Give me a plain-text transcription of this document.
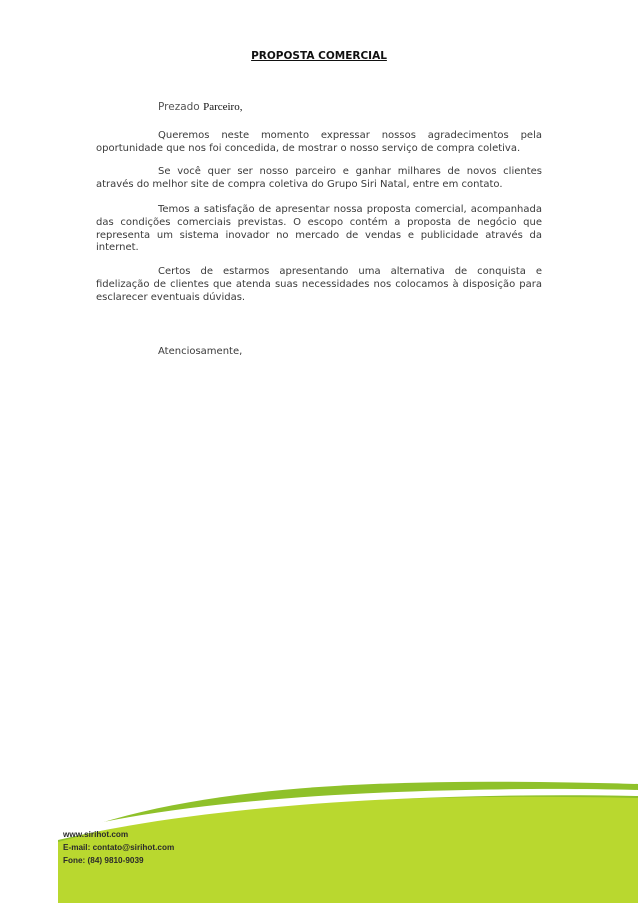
PROPOSTA COMERCIAL
Prezado Parceiro,

Queremos neste momento expressar nossos agradecimentos pela oportunidade que nos foi concedida, de mostrar o nosso serviço de compra coletiva.

Se você quer ser nosso parceiro e ganhar milhares de novos clientes através do melhor site de compra coletiva do Grupo Siri Natal, entre em contato.

Temos a satisfação de apresentar nossa proposta comercial, acompanhada das condições comerciais previstas. O escopo contém a proposta de negócio que representa um sistema inovador no mercado de vendas e publicidade através da internet.

Certos de estarmos apresentando uma alternativa de conquista e fidelização de clientes que atenda suas necessidades nos colocamos à disposição para esclarecer eventuais dúvidas.

Atenciosamente,
www.sirihot.com
E-mail: contato@sirihot.com
Fone: (84) 9810-9039
